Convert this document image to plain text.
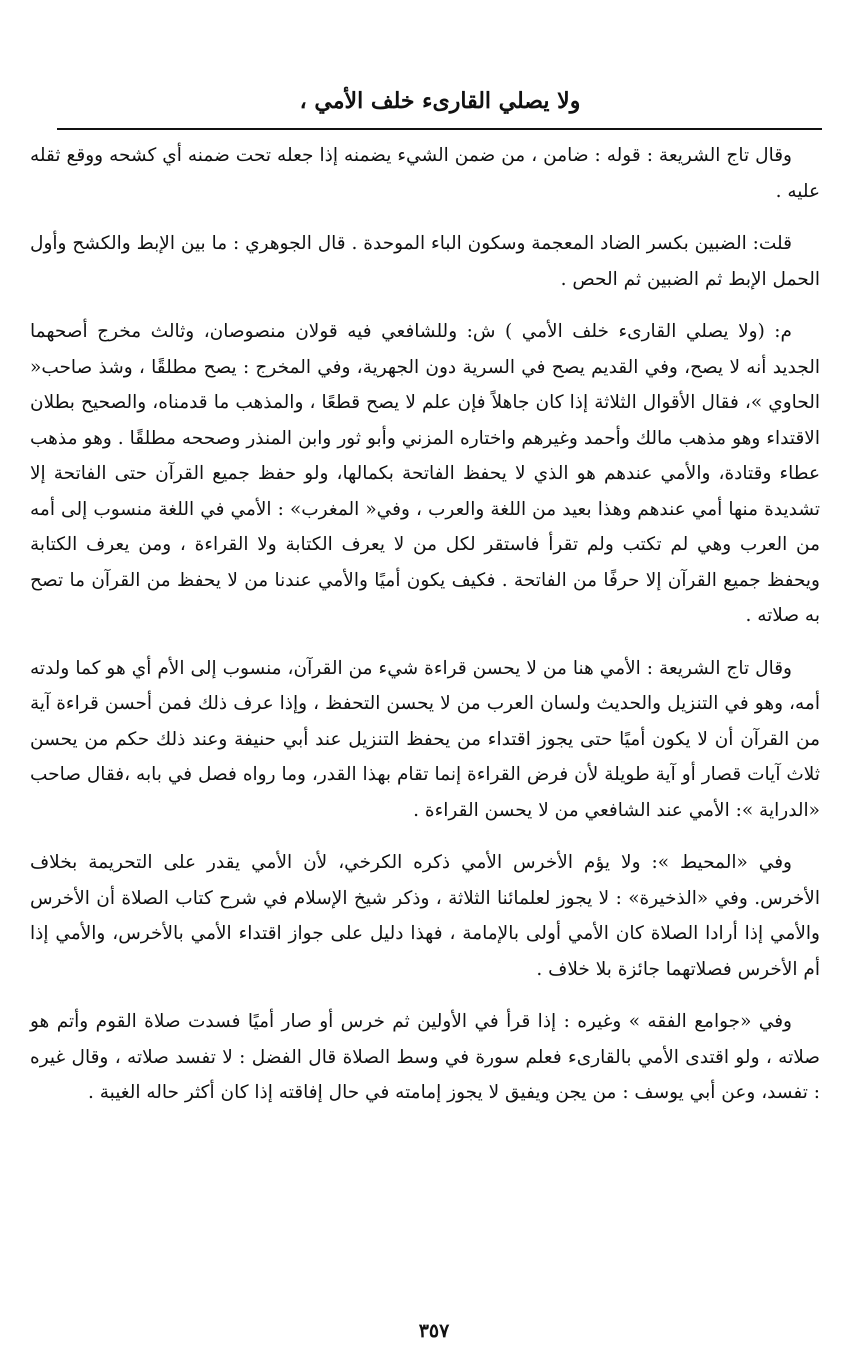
ولا يصلي القارىء خلف الأمي ،

وقال تاج الشريعة : قوله : ضامن ، من ضمن الشيء يضمنه إذا جعله تحت ضمنه أي كشحه ووقع ثقله عليه .

قلت: الضبين بكسر الضاد المعجمة وسكون الباء الموحدة . قال الجوهري : ما بين الإبط والكشح وأول الحمل الإبط ثم الضبين ثم الحص .

م: (ولا يصلي القارىء خلف الأمي ) ش: وللشافعي فيه قولان منصوصان، وثالث مخرج أصحهما الجديد أنه لا يصح، وفي القديم يصح في السرية دون الجهرية، وفي المخرج : يصح مطلقًا ، وشذ صاحب« الحاوي »، فقال الأقوال الثلاثة إذا كان جاهلاً فإن علم لا يصح قطعًا ، والمذهب ما قدمناه، والصحيح بطلان الاقتداء وهو مذهب مالك وأحمد وغيرهم واختاره المزني وأبو ثور وابن المنذر وصححه مطلقًا . وهو مذهب عطاء وقتادة، والأمي عندهم هو الذي لا يحفظ الفاتحة بكمالها، ولو حفظ جميع القرآن حتى الفاتحة إلا تشديدة منها أمي عندهم وهذا بعيد من اللغة والعرب ، وفي« المغرب» : الأمي في اللغة منسوب إلى أمه من العرب وهي لم تكتب ولم تقرأ فاستقر لكل من لا يعرف الكتابة ولا القراءة ، ومن يعرف الكتابة ويحفظ جميع القرآن إلا حرفًا من الفاتحة . فكيف يكون أميًا والأمي عندنا من لا يحفظ من القرآن ما تصح به صلاته .

وقال تاج الشريعة : الأمي هنا من لا يحسن قراءة شيء من القرآن، منسوب إلى الأم أي هو كما ولدته أمه، وهو في التنزيل والحديث ولسان العرب من لا يحسن التحفظ ، وإذا عرف ذلك فمن أحسن قراءة آية من القرآن أن لا يكون أميًا حتى يجوز اقتداء من يحفظ التنزيل عند أبي حنيفة وعند ذلك حكم من يحسن ثلاث آيات قصار أو آية طويلة لأن فرض القراءة إنما تقام بهذا القدر، وما رواه فصل في بابه ،فقال صاحب «الدراية »: الأمي عند الشافعي من لا يحسن القراءة .

وفي «المحيط »: ولا يؤم الأخرس الأمي ذكره الكرخي، لأن الأمي يقدر على التحريمة بخلاف الأخرس. وفي «الذخيرة» : لا يجوز لعلمائنا الثلاثة ، وذكر شيخ الإسلام في شرح كتاب الصلاة أن الأخرس والأمي إذا أرادا الصلاة كان الأمي أولى بالإمامة ، فهذا دليل على جواز اقتداء الأمي بالأخرس، والأمي إذا أم الأخرس فصلاتهما جائزة بلا خلاف .

وفي «جوامع الفقه » وغيره : إذا قرأ في الأولين ثم خرس أو صار أميًا فسدت صلاة القوم وأتم هو صلاته ، ولو اقتدى الأمي بالقارىء فعلم سورة في وسط الصلاة قال الفضل : لا تفسد صلاته ، وقال غيره : تفسد، وعن أبي يوسف : من يجن ويفيق لا يجوز إمامته في حال إفاقته إذا كان أكثر حاله الغيبة .

٣٥٧
